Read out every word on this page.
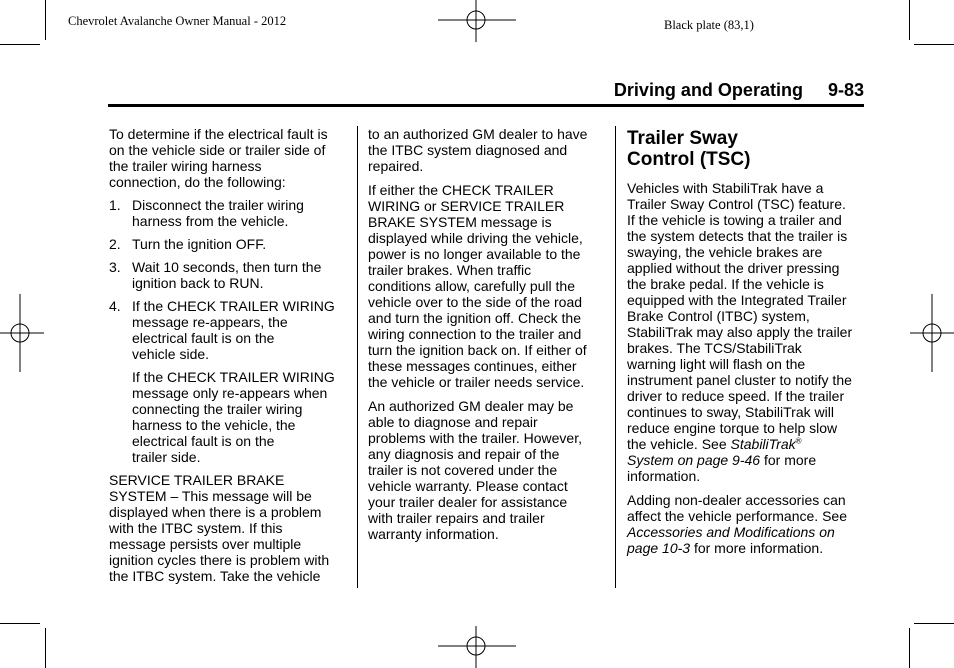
Chevrolet Avalanche Owner Manual - 2012	Black plate (83,1)
Driving and Operating 9-83

To determine if the electrical fault is
on the vehicle side or trailer side of
the trailer wiring harness
connection, do the following:

1. Disconnect the trailer wiring
harness from the vehicle.
2. Turn the ignition OFF.
3. Wait 10 seconds, then turn the
ignition back to RUN.
4. If the CHECK TRAILER WIRING
message re-appears, the
electrical fault is on the
vehicle side.

If the CHECK TRAILER WIRING
message only re-appears when
connecting the trailer wiring
harness to the vehicle, the
electrical fault is on the
trailer side.

SERVICE TRAILER BRAKE
SYSTEM – This message will be
displayed when there is a problem
with the ITBC system. If this
message persists over multiple
ignition cycles there is problem with
the ITBC system. Take the vehicle

to an authorized GM dealer to have
the ITBC system diagnosed and
repaired.

If either the CHECK TRAILER
WIRING or SERVICE TRAILER
BRAKE SYSTEM message is
displayed while driving the vehicle,
power is no longer available to the
trailer brakes. When traffic
conditions allow, carefully pull the
vehicle over to the side of the road
and turn the ignition off. Check the
wiring connection to the trailer and
turn the ignition back on. If either of
these messages continues, either
the vehicle or trailer needs service.

An authorized GM dealer may be
able to diagnose and repair
problems with the trailer. However,
any diagnosis and repair of the
trailer is not covered under the
vehicle warranty. Please contact
your trailer dealer for assistance
with trailer repairs and trailer
warranty information.

Trailer Sway
Control (TSC)

Vehicles with StabiliTrak have a
Trailer Sway Control (TSC) feature.
If the vehicle is towing a trailer and
the system detects that the trailer is
swaying, the vehicle brakes are
applied without the driver pressing
the brake pedal. If the vehicle is
equipped with the Integrated Trailer
Brake Control (ITBC) system,
StabiliTrak may also apply the trailer
brakes. The TCS/StabiliTrak
warning light will flash on the
instrument panel cluster to notify the
driver to reduce speed. If the trailer
continues to sway, StabiliTrak will
reduce engine torque to help slow
the vehicle. See StabiliTrak®
System on page 9-46 for more
information.

Adding non-dealer accessories can
affect the vehicle performance. See
Accessories and Modifications on
page 10-3 for more information.
